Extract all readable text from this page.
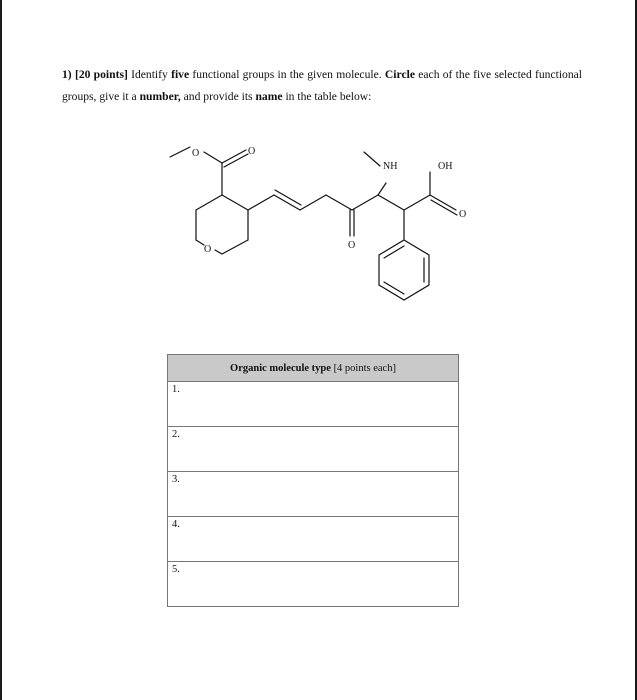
1) [20 points] Identify five functional groups in the given molecule. Circle each of the five selected functional groups, give it a number, and provide its name in the table below:
O	O
O	O
NH	OH
O
Organic molecule type [4 points each]
1.
2.
3.
4.
5.
